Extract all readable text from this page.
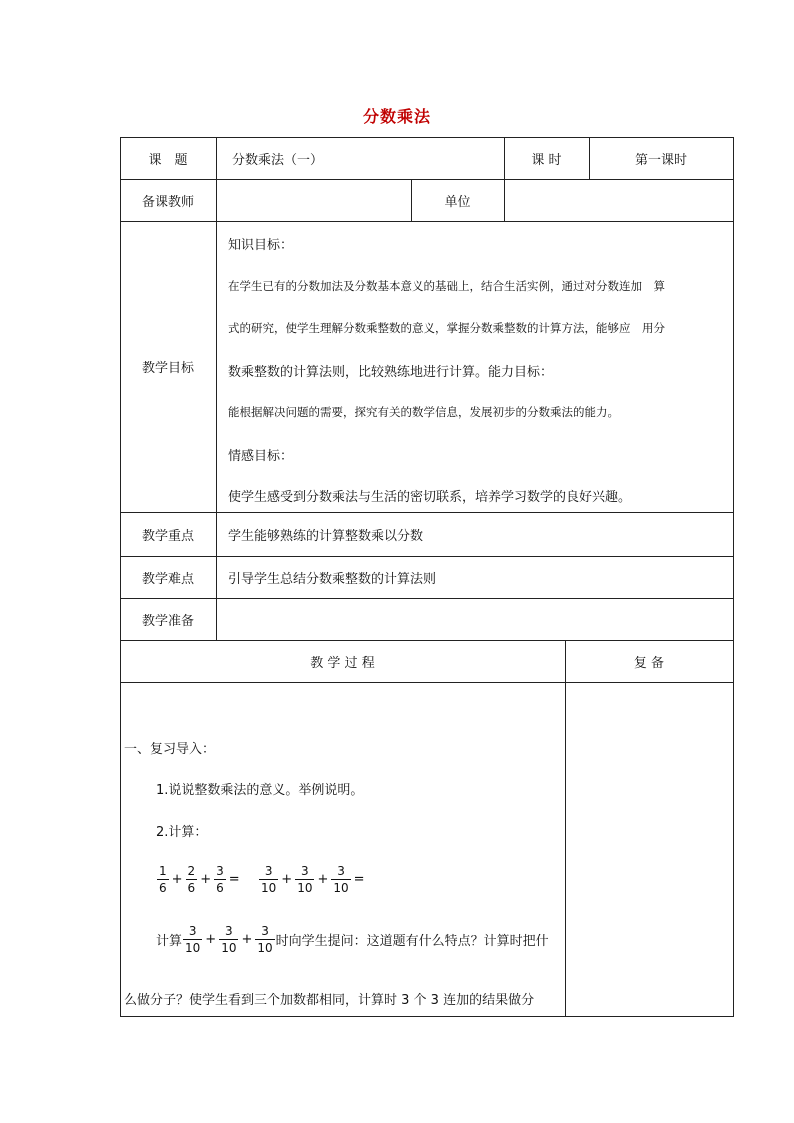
分数乘法
课　题	分数乘法（一）	课 时	第一课时
备课教师	单位
教学目标
知识目标：
在学生已有的分数加法及分数基本意义的基础上，结合生活实例，通过对分数连加　算
式的研究，使学生理解分数乘整数的意义，掌握分数乘整数的计算方法，能够应　用分
数乘整数的计算法则，比较熟练地进行计算。能力目标：
能根据解决问题的需要，探究有关的数学信息，发展初步的分数乘法的能力。
情感目标：
使学生感受到分数乘法与生活的密切联系，培养学习数学的良好兴趣。
教学重点	学生能够熟练的计算整数乘以分数
教学难点	引导学生总结分数乘整数的计算法则
教学准备
教 学 过 程	复 备
一、复习导入：
1.说说整数乘法的意义。举例说明。
2.计算：
$\frac{1}{6} + \frac{2}{6} + \frac{3}{6} = \frac{3}{10} + \frac{3}{10} + \frac{3}{10}$ =
计算 $\frac{3}{10} + \frac{3}{10} + \frac{3}{10}$ 时向学生提问：这道题有什么特点？计算时把什
么做分子？使学生看到三个加数都相同，计算时 3 个 3 连加的结果做分
